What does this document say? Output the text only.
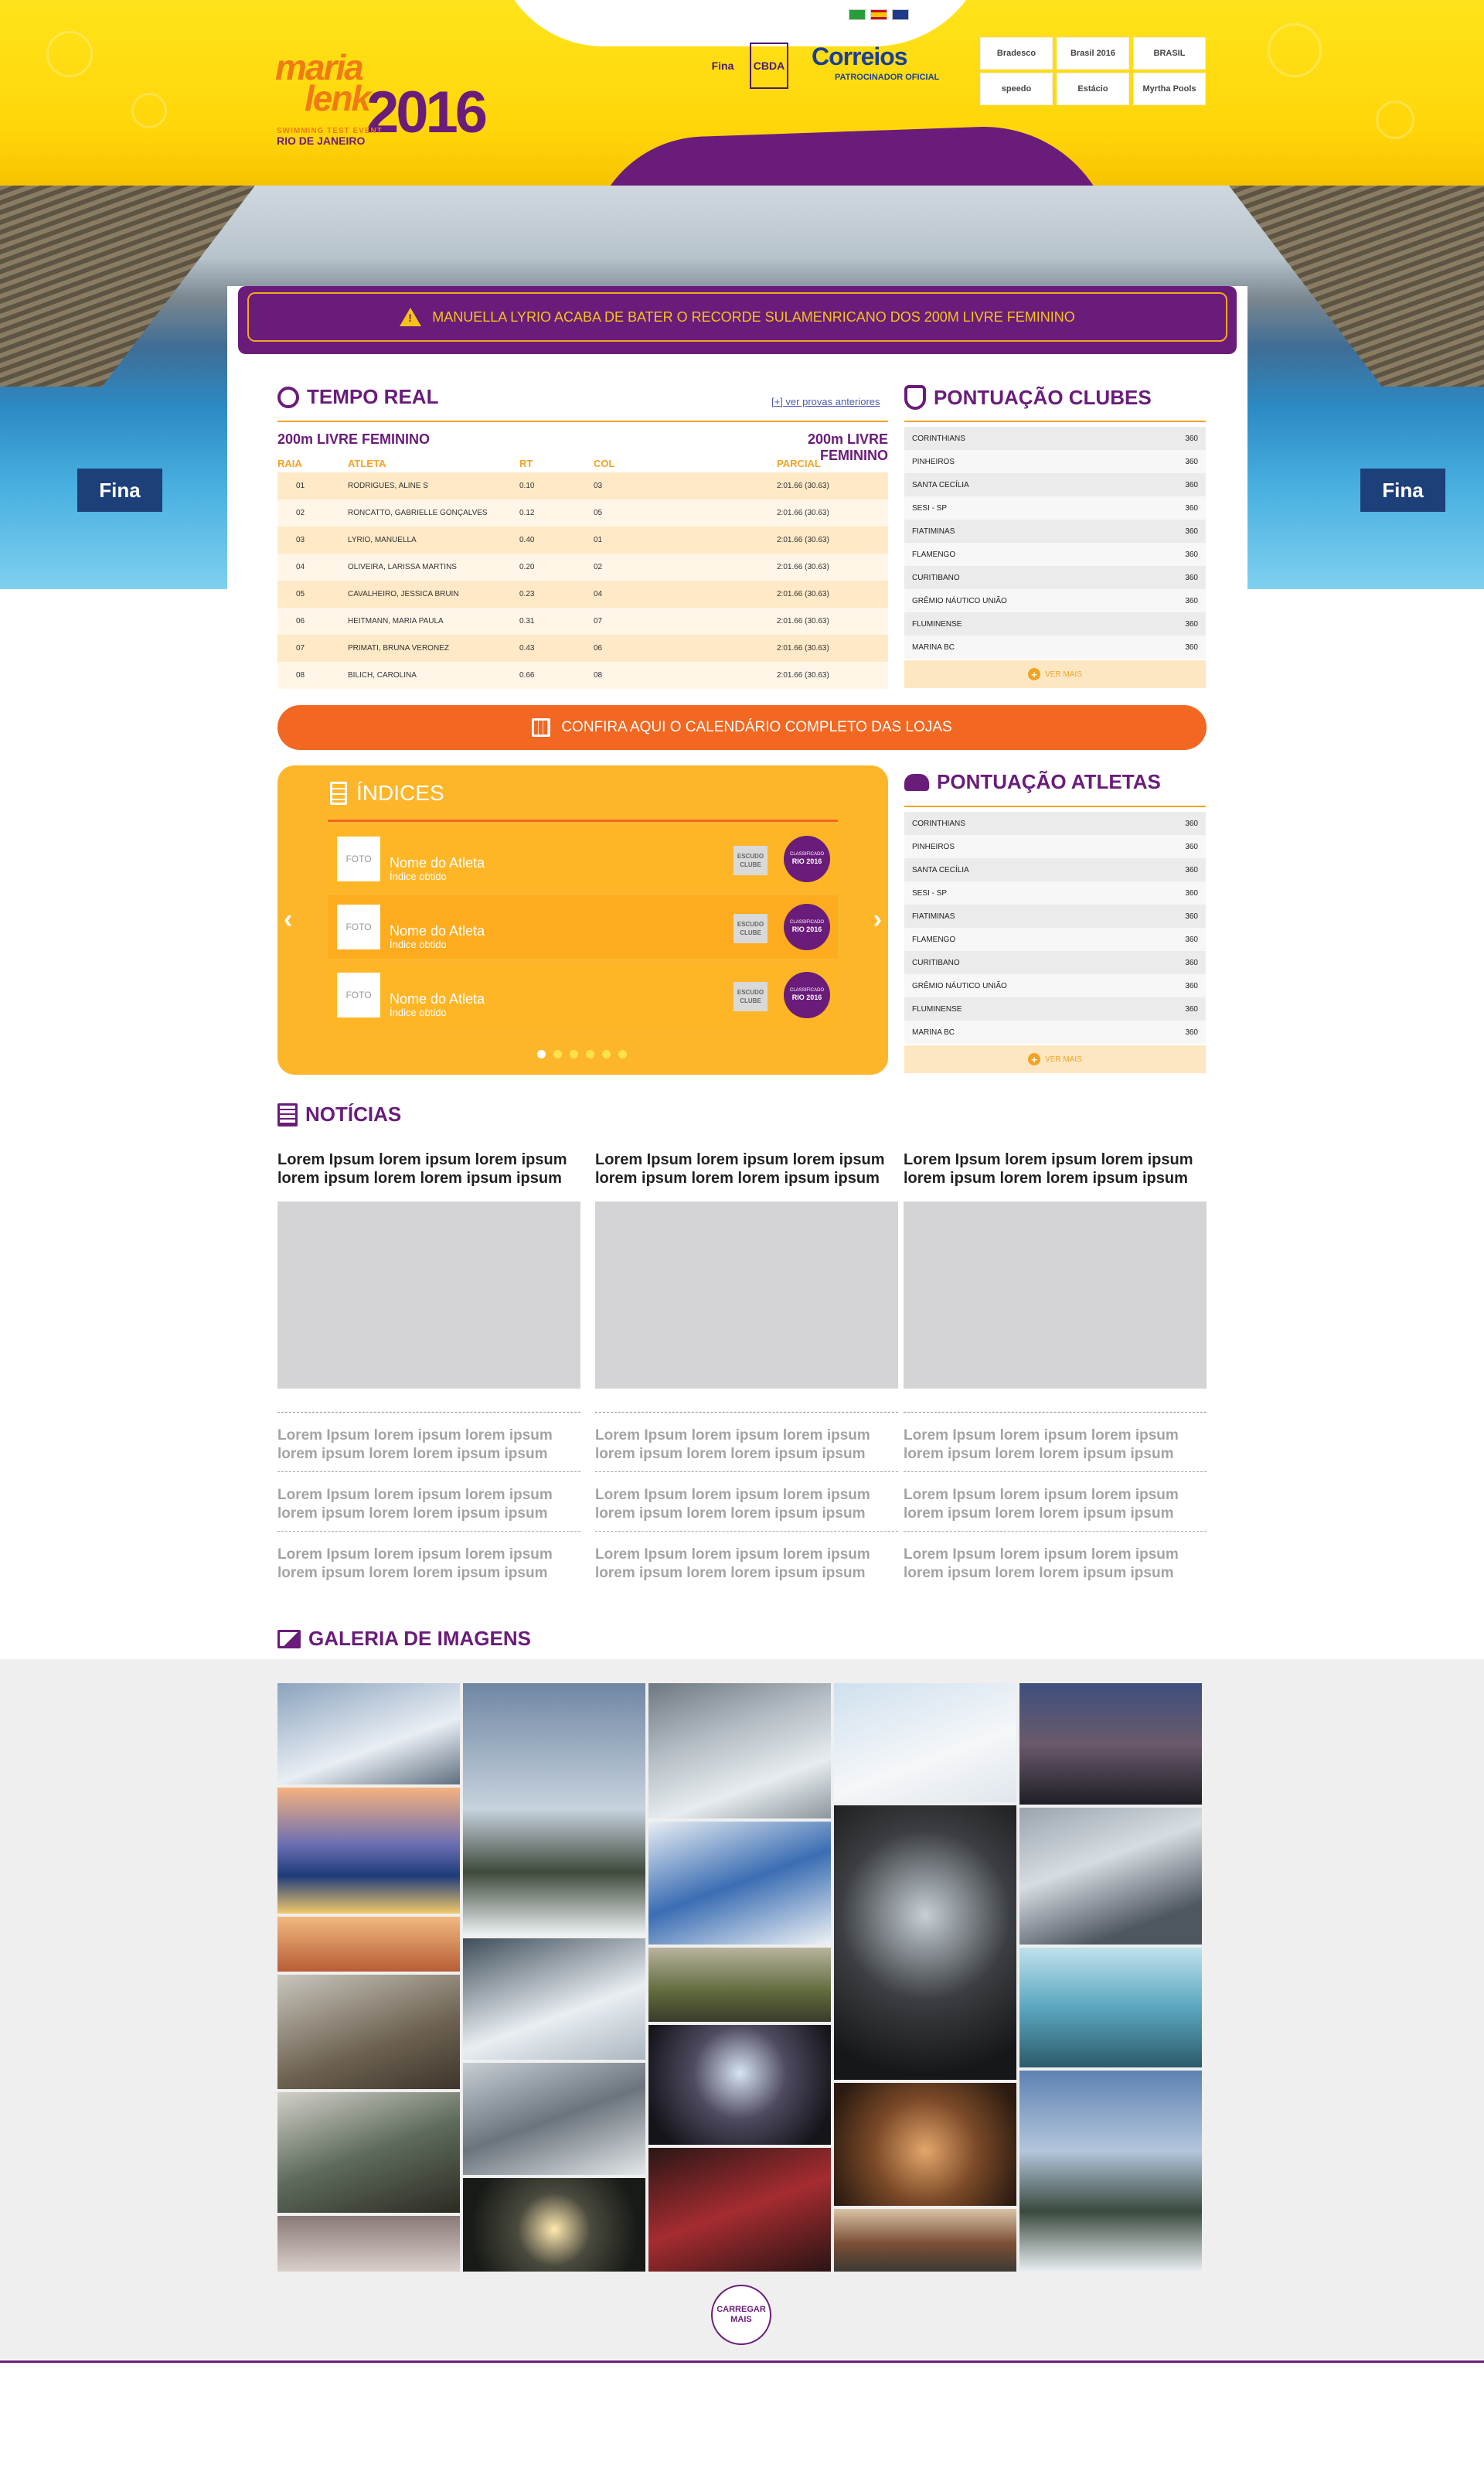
maria
lenk
2016
SWIMMING TEST EVENT
RIO DE JANEIRO
Fina	CBDA Correios
PATROCINADOR OFICIAL
Bradesco	Brasil 2016	BRASIL
speedo	Estácio	Myrtha Pools
Fina	Fina
! MANUELLA LYRIO ACABA DE BATER O RECORDE SULAMENRICANO DOS 200M LIVRE FEMININO
TEMPO REAL	[+] ver provas anteriores
200m LIVRE FEMININO	200m LIVRE FEMININO
RAIA	ATLETA	RT	COL	PARCIAL
01	RODRIGUES, ALINE S	0.10	03	2:01.66 (30.63)
02	RONCATTO, GABRIELLE GONÇALVES	0.12	05	2:01.66 (30.63)
03	LYRIO, MANUELLA	0.40	01	2:01.66 (30.63)
04	OLIVEIRA, LARISSA MARTINS	0.20	02	2:01.66 (30.63)
05	CAVALHEIRO, JESSICA BRUIN	0.23	04	2:01.66 (30.63)
06	HEITMANN, MARIA PAULA	0.31	07	2:01.66 (30.63)
07	PRIMATI, BRUNA VERONEZ	0.43	06	2:01.66 (30.63)
08	BILICH, CAROLINA	0.66	08	2:01.66 (30.63)
PONTUAÇÃO CLUBES
CORINTHIANS	360
PINHEIROS	360
SANTA CECÍLIA	360
SESI - SP	360
FIATIMINAS	360
FLAMENGO	360
CURITIBANO	360
GRÊMIO NÁUTICO UNIÃO	360
FLUMINENSE	360
MARINA BC	360
+	VER MAIS
CONFIRA AQUI O CALENDÁRIO COMPLETO DAS LOJAS
ÍNDICES
FOTO	Nome do Atleta
Índice obtido
ESCUDO
CLUBE
CLASSIFICADO
RIO 2016
FOTO	Nome do Atleta
Índice obtido
ESCUDO
CLUBE
CLASSIFICADO
RIO 2016
FOTO	Nome do Atleta
Índice obtido
ESCUDO
CLUBE
CLASSIFICADO
RIO 2016
‹	›
PONTUAÇÃO ATLETAS
CORINTHIANS	360
PINHEIROS	360
SANTA CECÍLIA	360
SESI - SP	360
FIATIMINAS	360
FLAMENGO	360
CURITIBANO	360
GRÊMIO NÁUTICO UNIÃO	360
FLUMINENSE	360
MARINA BC	360
+	VER MAIS
NOTÍCIAS
Lorem Ipsum lorem ipsum lorem ipsum lorem ipsum lorem lorem ipsum ipsum
Lorem Ipsum lorem ipsum lorem ipsum lorem ipsum lorem lorem ipsum ipsum
Lorem Ipsum lorem ipsum lorem ipsum lorem ipsum lorem lorem ipsum ipsum
Lorem Ipsum lorem ipsum lorem ipsum lorem ipsum lorem lorem ipsum ipsum
Lorem Ipsum lorem ipsum lorem ipsum lorem ipsum lorem lorem ipsum ipsum
Lorem Ipsum lorem ipsum lorem ipsum lorem ipsum lorem lorem ipsum ipsum
Lorem Ipsum lorem ipsum lorem ipsum lorem ipsum lorem lorem ipsum ipsum
Lorem Ipsum lorem ipsum lorem ipsum lorem ipsum lorem lorem ipsum ipsum
Lorem Ipsum lorem ipsum lorem ipsum lorem ipsum lorem lorem ipsum ipsum
Lorem Ipsum lorem ipsum lorem ipsum lorem ipsum lorem lorem ipsum ipsum
Lorem Ipsum lorem ipsum lorem ipsum lorem ipsum lorem lorem ipsum ipsum
Lorem Ipsum lorem ipsum lorem ipsum lorem ipsum lorem lorem ipsum ipsum
GALERIA DE IMAGENS
CARREGAR MAIS
